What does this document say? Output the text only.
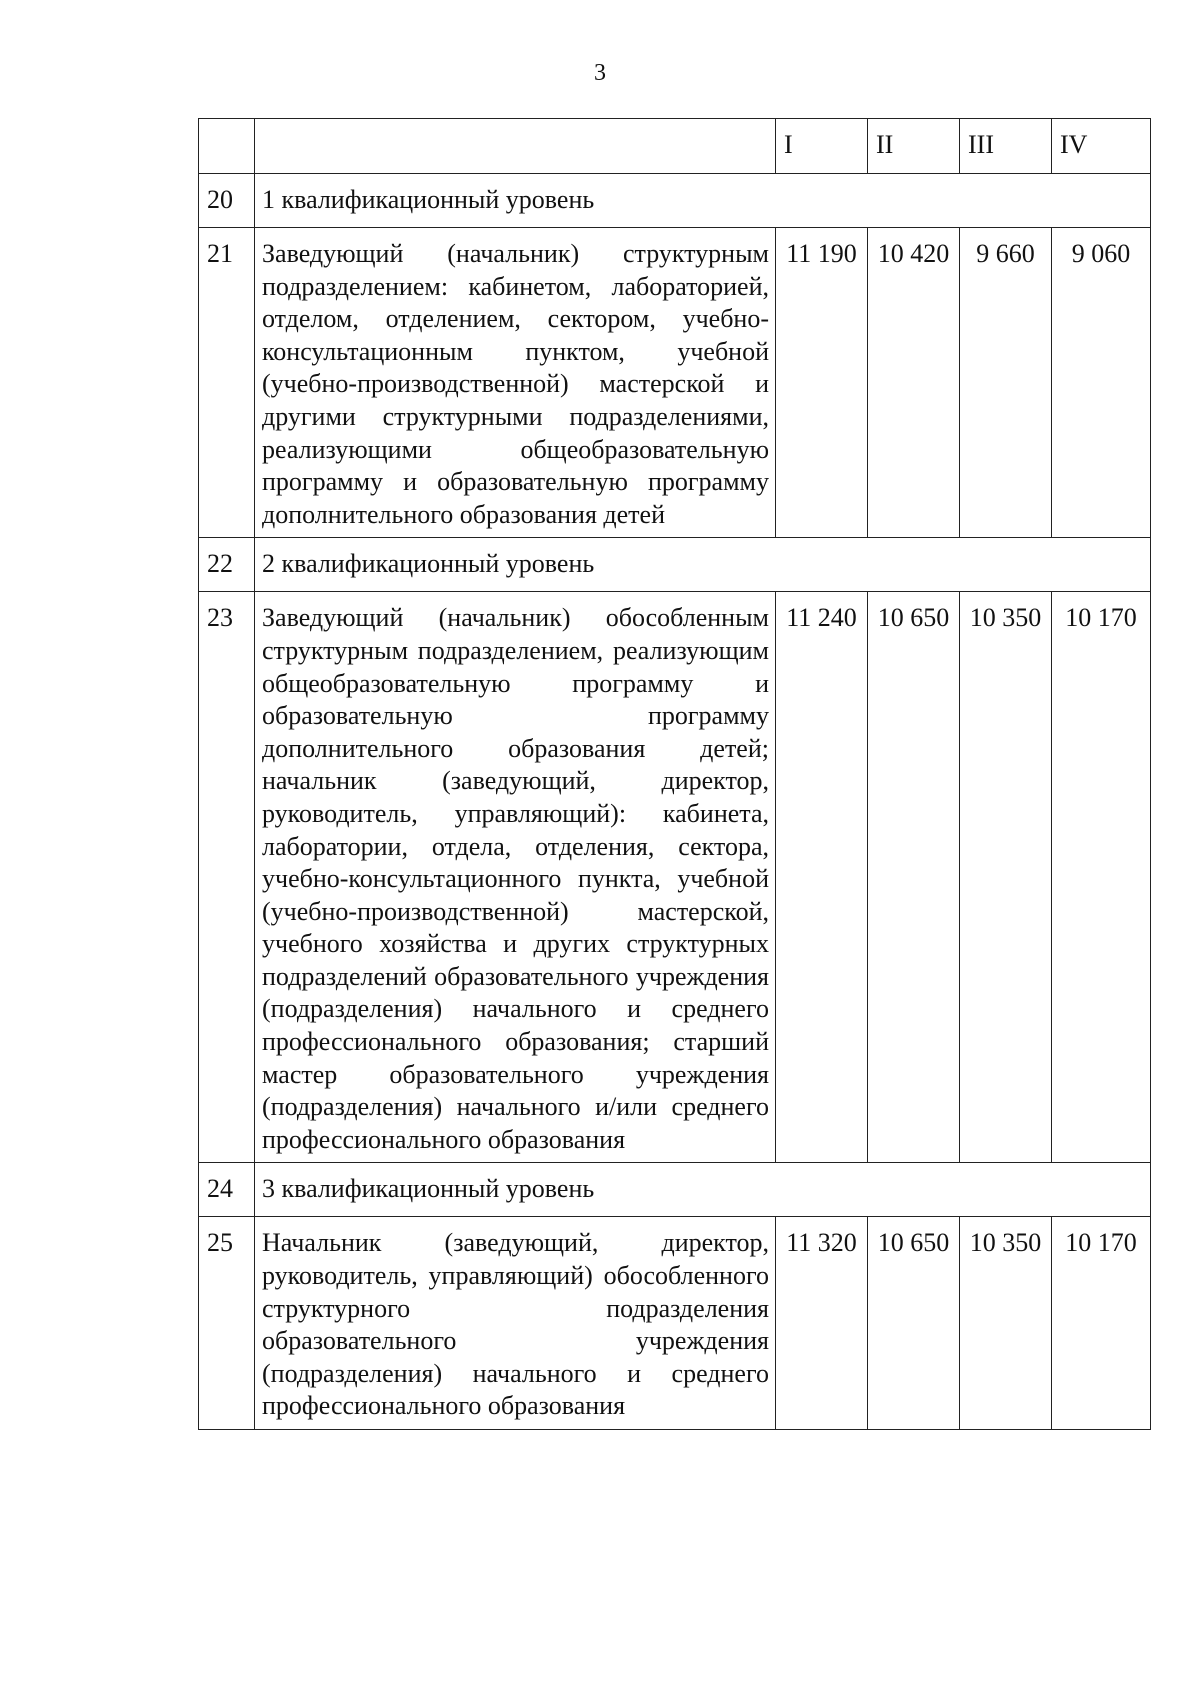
3
		I	II	III	IV
20	1 квалификационный уровень				
21	Заведующий (начальник) структурным подразделением: кабинетом, лабораторией, отделом, отделением, сектором, учебно-консультационным пунктом, учебной (учебно-производственной) мастерской и другими структурными подразделениями, реализующими общеобразовательную программу и образовательную программу дополнительного образования детей	11 190	10 420	9 660	9 060
22	2 квалификационный уровень				
23	Заведующий (начальник) обособленным структурным подразделением, реализующим общеобразовательную программу и образовательную программу дополнительного образования детей; начальник (заведующий, директор, руководитель, управляющий): кабинета, лаборатории, отдела, отделения, сектора, учебно-консультационного пункта, учебной (учебно-производственной) мастерской, учебного хозяйства и других структурных подразделений образовательного учреждения (подразделения) начального и среднего профессионального образования; старший мастер образовательного учреждения (подразделения) начального и/или среднего профессионального образования	11 240	10 650	10 350	10 170
24	3 квалификационный уровень				
25	Начальник (заведующий, директор, руководитель, управляющий) обособленного структурного подразделения образовательного учреждения (подразделения) начального и среднего профессионального образования	11 320	10 650	10 350	10 170
